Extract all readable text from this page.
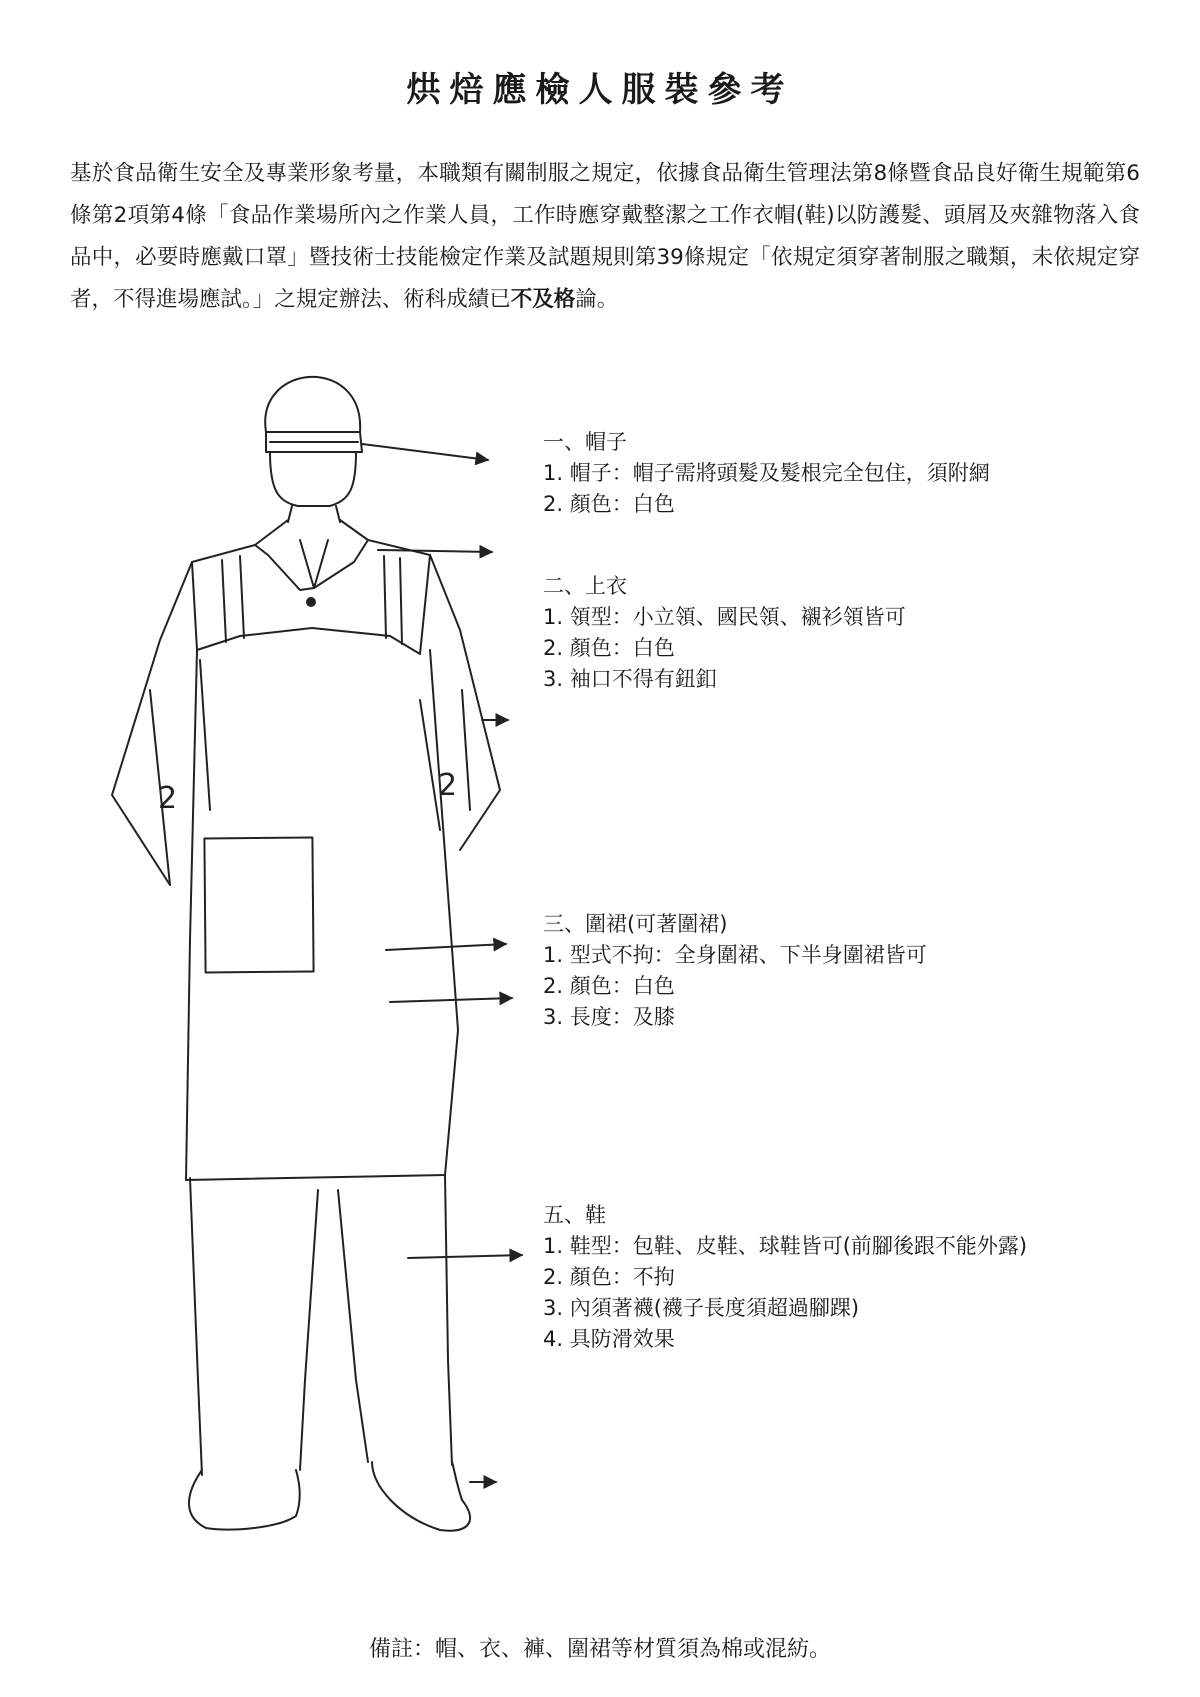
烘焙應檢人服裝參考

基於食品衛生安全及專業形象考量，本職類有關制服之規定，依據食品衛生管理法第8條暨食品良好衛生規範第6條第2項第4條「食品作業場所內之作業人員，工作時應穿戴整潔之工作衣帽(鞋)以防護髮、頭屑及夾雜物落入食品中，必要時應戴口罩」暨技術士技能檢定作業及試題規則第39條規定「依規定須穿著制服之職類，未依規定穿者，不得進場應試。」之規定辦法、術科成績已不及格論。

2	2
一、帽子
1. 帽子：帽子需將頭髮及髮根完全包住，須附網
2. 顏色：白色
二、上衣
1. 領型：小立領、國民領、襯衫領皆可
2. 顏色：白色
3. 袖口不得有鈕釦
三、圍裙(可著圍裙)
1. 型式不拘：全身圍裙、下半身圍裙皆可
2. 顏色：白色
3. 長度：及膝
五、鞋
1. 鞋型：包鞋、皮鞋、球鞋皆可(前腳後跟不能外露)
2. 顏色：不拘
3. 內須著襪(襪子長度須超過腳踝)
4. 具防滑效果
備註：帽、衣、褲、圍裙等材質須為棉或混紡。
